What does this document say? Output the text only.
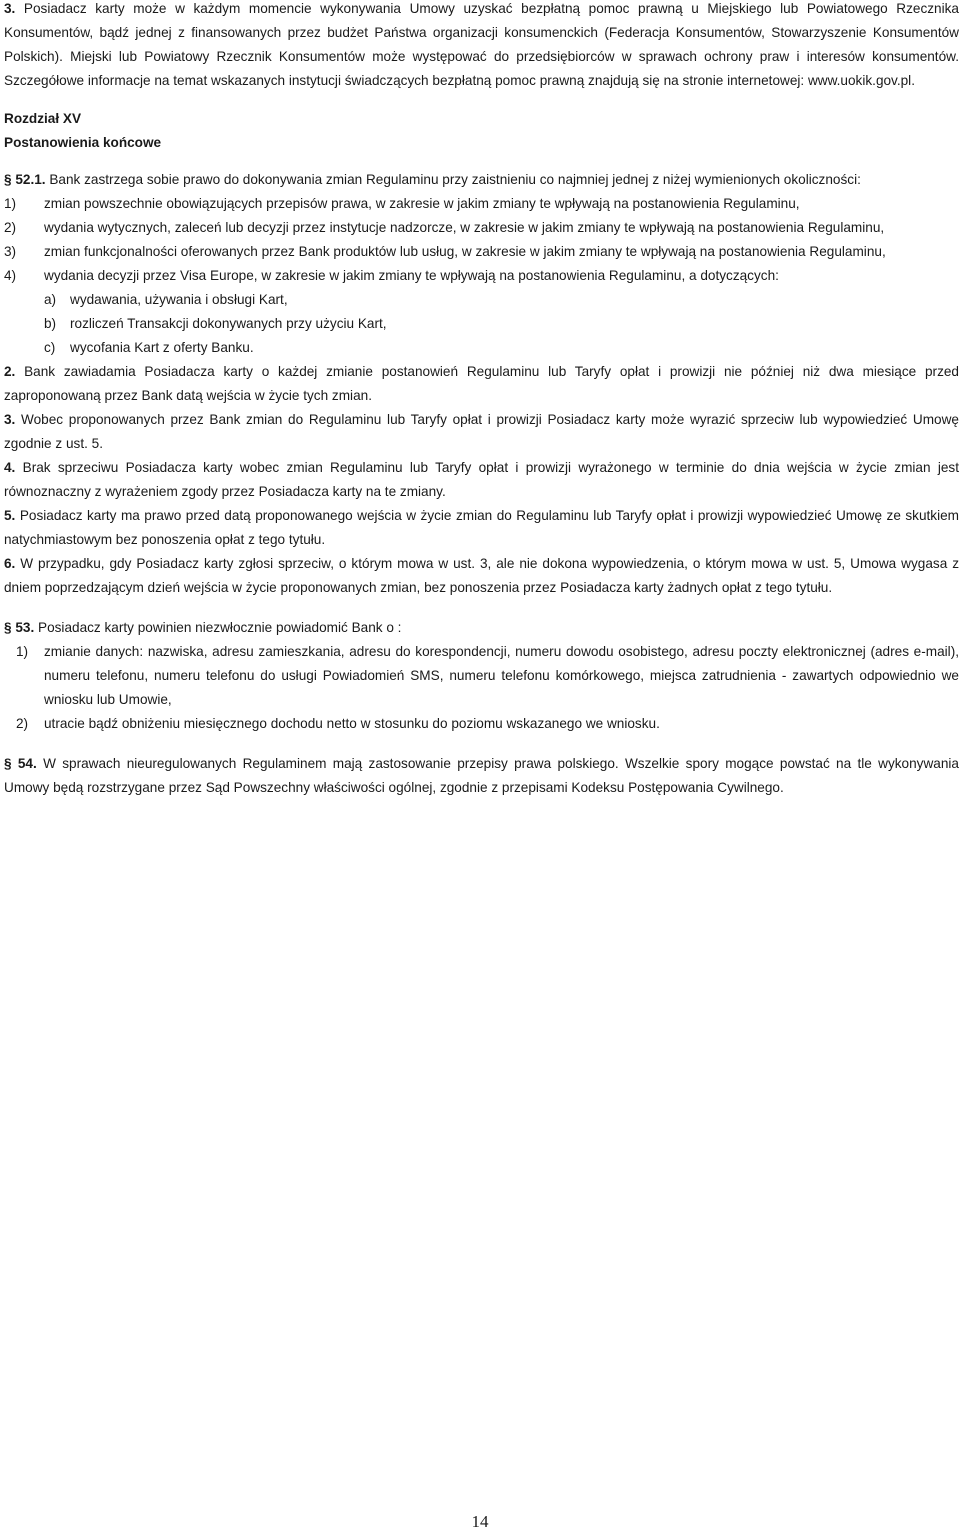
3. Posiadacz karty może w każdym momencie wykonywania Umowy uzyskać bezpłatną pomoc prawną u Miejskiego lub Powiatowego Rzecznika Konsumentów, bądź jednej z finansowanych przez budżet Państwa organizacji konsumenckich (Federacja Konsumentów, Stowarzyszenie Konsumentów Polskich). Miejski lub Powiatowy Rzecznik Konsumentów może występować do przedsiębiorców w sprawach ochrony praw i interesów konsumentów. Szczegółowe informacje na temat wskazanych instytucji świadczących bezpłatną pomoc prawną znajdują się na stronie internetowej: www.uokik.gov.pl.

Rozdział XV

Postanowienia końcowe

§ 52.1. Bank zastrzega sobie prawo do dokonywania zmian Regulaminu przy zaistnieniu co najmniej jednej z niżej wymienionych okoliczności:

1) zmian powszechnie obowiązujących przepisów prawa, w zakresie w jakim zmiany te wpływają na postanowienia Regulaminu,
2) wydania wytycznych, zaleceń lub decyzji przez instytucje nadzorcze, w zakresie w jakim zmiany te wpływają na postanowienia Regulaminu,
3) zmian funkcjonalności oferowanych przez Bank produktów lub usług, w zakresie w jakim zmiany te wpływają na postanowienia Regulaminu,
4) wydania decyzji przez Visa Europe, w zakresie w jakim zmiany te wpływają na postanowienia Regulaminu, a dotyczących:
a) wydawania, używania i obsługi Kart,
b) rozliczeń Transakcji dokonywanych przy użyciu Kart,
c) wycofania Kart z oferty Banku.

2. Bank zawiadamia Posiadacza karty o każdej zmianie postanowień Regulaminu lub Taryfy opłat i prowizji nie później niż dwa miesiące przed zaproponowaną przez Bank datą wejścia w życie tych zmian.

3. Wobec proponowanych przez Bank zmian do Regulaminu lub Taryfy opłat i prowizji Posiadacz karty może wyrazić sprzeciw lub wypowiedzieć Umowę zgodnie z ust. 5.

4. Brak sprzeciwu Posiadacza karty wobec zmian Regulaminu lub Taryfy opłat i prowizji wyrażonego w terminie do dnia wejścia w życie zmian jest równoznaczny z wyrażeniem zgody przez Posiadacza karty na te zmiany.

5. Posiadacz karty ma prawo przed datą proponowanego wejścia w życie zmian do Regulaminu lub Taryfy opłat i prowizji wypowiedzieć Umowę ze skutkiem natychmiastowym bez ponoszenia opłat z tego tytułu.

6. W przypadku, gdy Posiadacz karty zgłosi sprzeciw, o którym mowa w ust. 3, ale nie dokona wypowiedzenia, o którym mowa w ust. 5, Umowa wygasa z dniem poprzedzającym dzień wejścia w życie proponowanych zmian, bez ponoszenia przez Posiadacza karty żadnych opłat z tego tytułu.

§ 53. Posiadacz karty powinien niezwłocznie powiadomić Bank o :

1) zmianie danych: nazwiska, adresu zamieszkania, adresu do korespondencji, numeru dowodu osobistego, adresu poczty elektronicznej (adres e-mail), numeru telefonu, numeru telefonu do usługi Powiadomień SMS, numeru telefonu komórkowego, miejsca zatrudnienia - zawartych odpowiednio we wniosku lub Umowie,
2) utracie bądź obniżeniu miesięcznego dochodu netto w stosunku do poziomu wskazanego we wniosku.

§ 54. W sprawach nieuregulowanych Regulaminem mają zastosowanie przepisy prawa polskiego. Wszelkie spory mogące powstać na tle wykonywania Umowy będą rozstrzygane przez Sąd Powszechny właściwości ogólnej, zgodnie z przepisami Kodeksu Postępowania Cywilnego.

14
